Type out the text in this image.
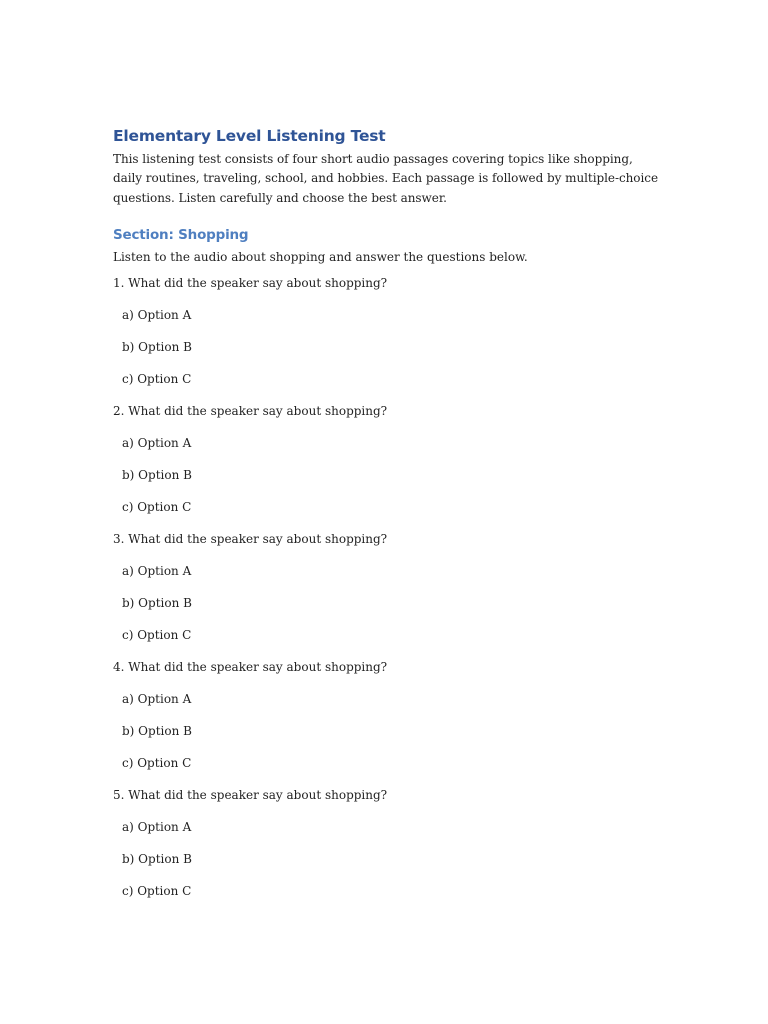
Elementary Level Listening Test

This listening test consists of four short audio passages covering topics like shopping, daily routines, traveling, school, and hobbies. Each passage is followed by multiple-choice questions. Listen carefully and choose the best answer.

Section: Shopping

Listen to the audio about shopping and answer the questions below.

1. What did the speaker say about shopping?

a) Option A

b) Option B

c) Option C

2. What did the speaker say about shopping?

a) Option A

b) Option B

c) Option C

3. What did the speaker say about shopping?

a) Option A

b) Option B

c) Option C

4. What did the speaker say about shopping?

a) Option A

b) Option B

c) Option C

5. What did the speaker say about shopping?

a) Option A

b) Option B

c) Option C
